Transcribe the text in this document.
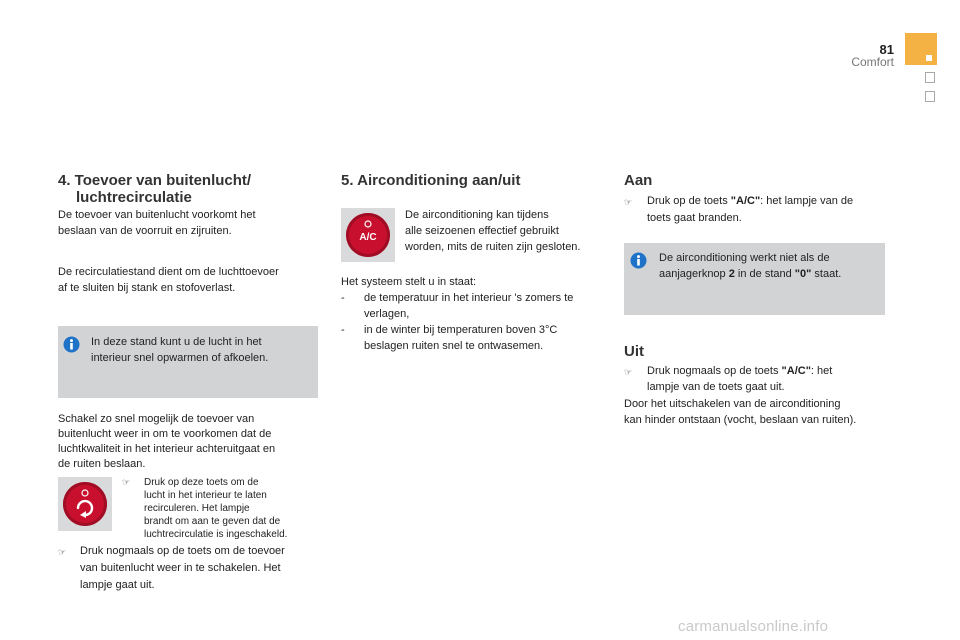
81
Comfort
4. Toevoer van buitenlucht/
luchtrecirculatie
De toevoer van buitenlucht voorkomt het
beslaan van de voorruit en zijruiten.
De recirculatiestand dient om de luchttoevoer
af te sluiten bij stank en stofoverlast.
In deze stand kunt u de lucht in het
interieur snel opwarmen of afkoelen.
Schakel zo snel mogelijk de toevoer van
buitenlucht weer in om te voorkomen dat de
luchtkwaliteit in het interieur achteruitgaat en
de ruiten beslaan.
☞	Druk op deze toets om de
lucht in het interieur te laten
recirculeren. Het lampje
brandt om aan te geven dat de
luchtrecirculatie is ingeschakeld.
☞	Druk nogmaals op de toets om de toevoer
van buitenlucht weer in te schakelen. Het
lampje gaat uit.
5. Airconditioning aan/uit
A/C
De airconditioning kan tijdens
alle seizoenen effectief gebruikt
worden, mits de ruiten zijn gesloten.
Het systeem stelt u in staat:
- de temperatuur in het interieur 's zomers te
verlagen,
- in de winter bij temperaturen boven 3°C
beslagen ruiten snel te ontwasemen.
Aan
☞	Druk op de toets "A/C": het lampje van de
toets gaat branden.
De airconditioning werkt niet als de
aanjagerknop 2 in de stand "0" staat.
Uit
☞	Druk nogmaals op de toets "A/C": het
lampje van de toets gaat uit.
Door het uitschakelen van de airconditioning
kan hinder ontstaan (vocht, beslaan van ruiten).
carmanualsonline.info
